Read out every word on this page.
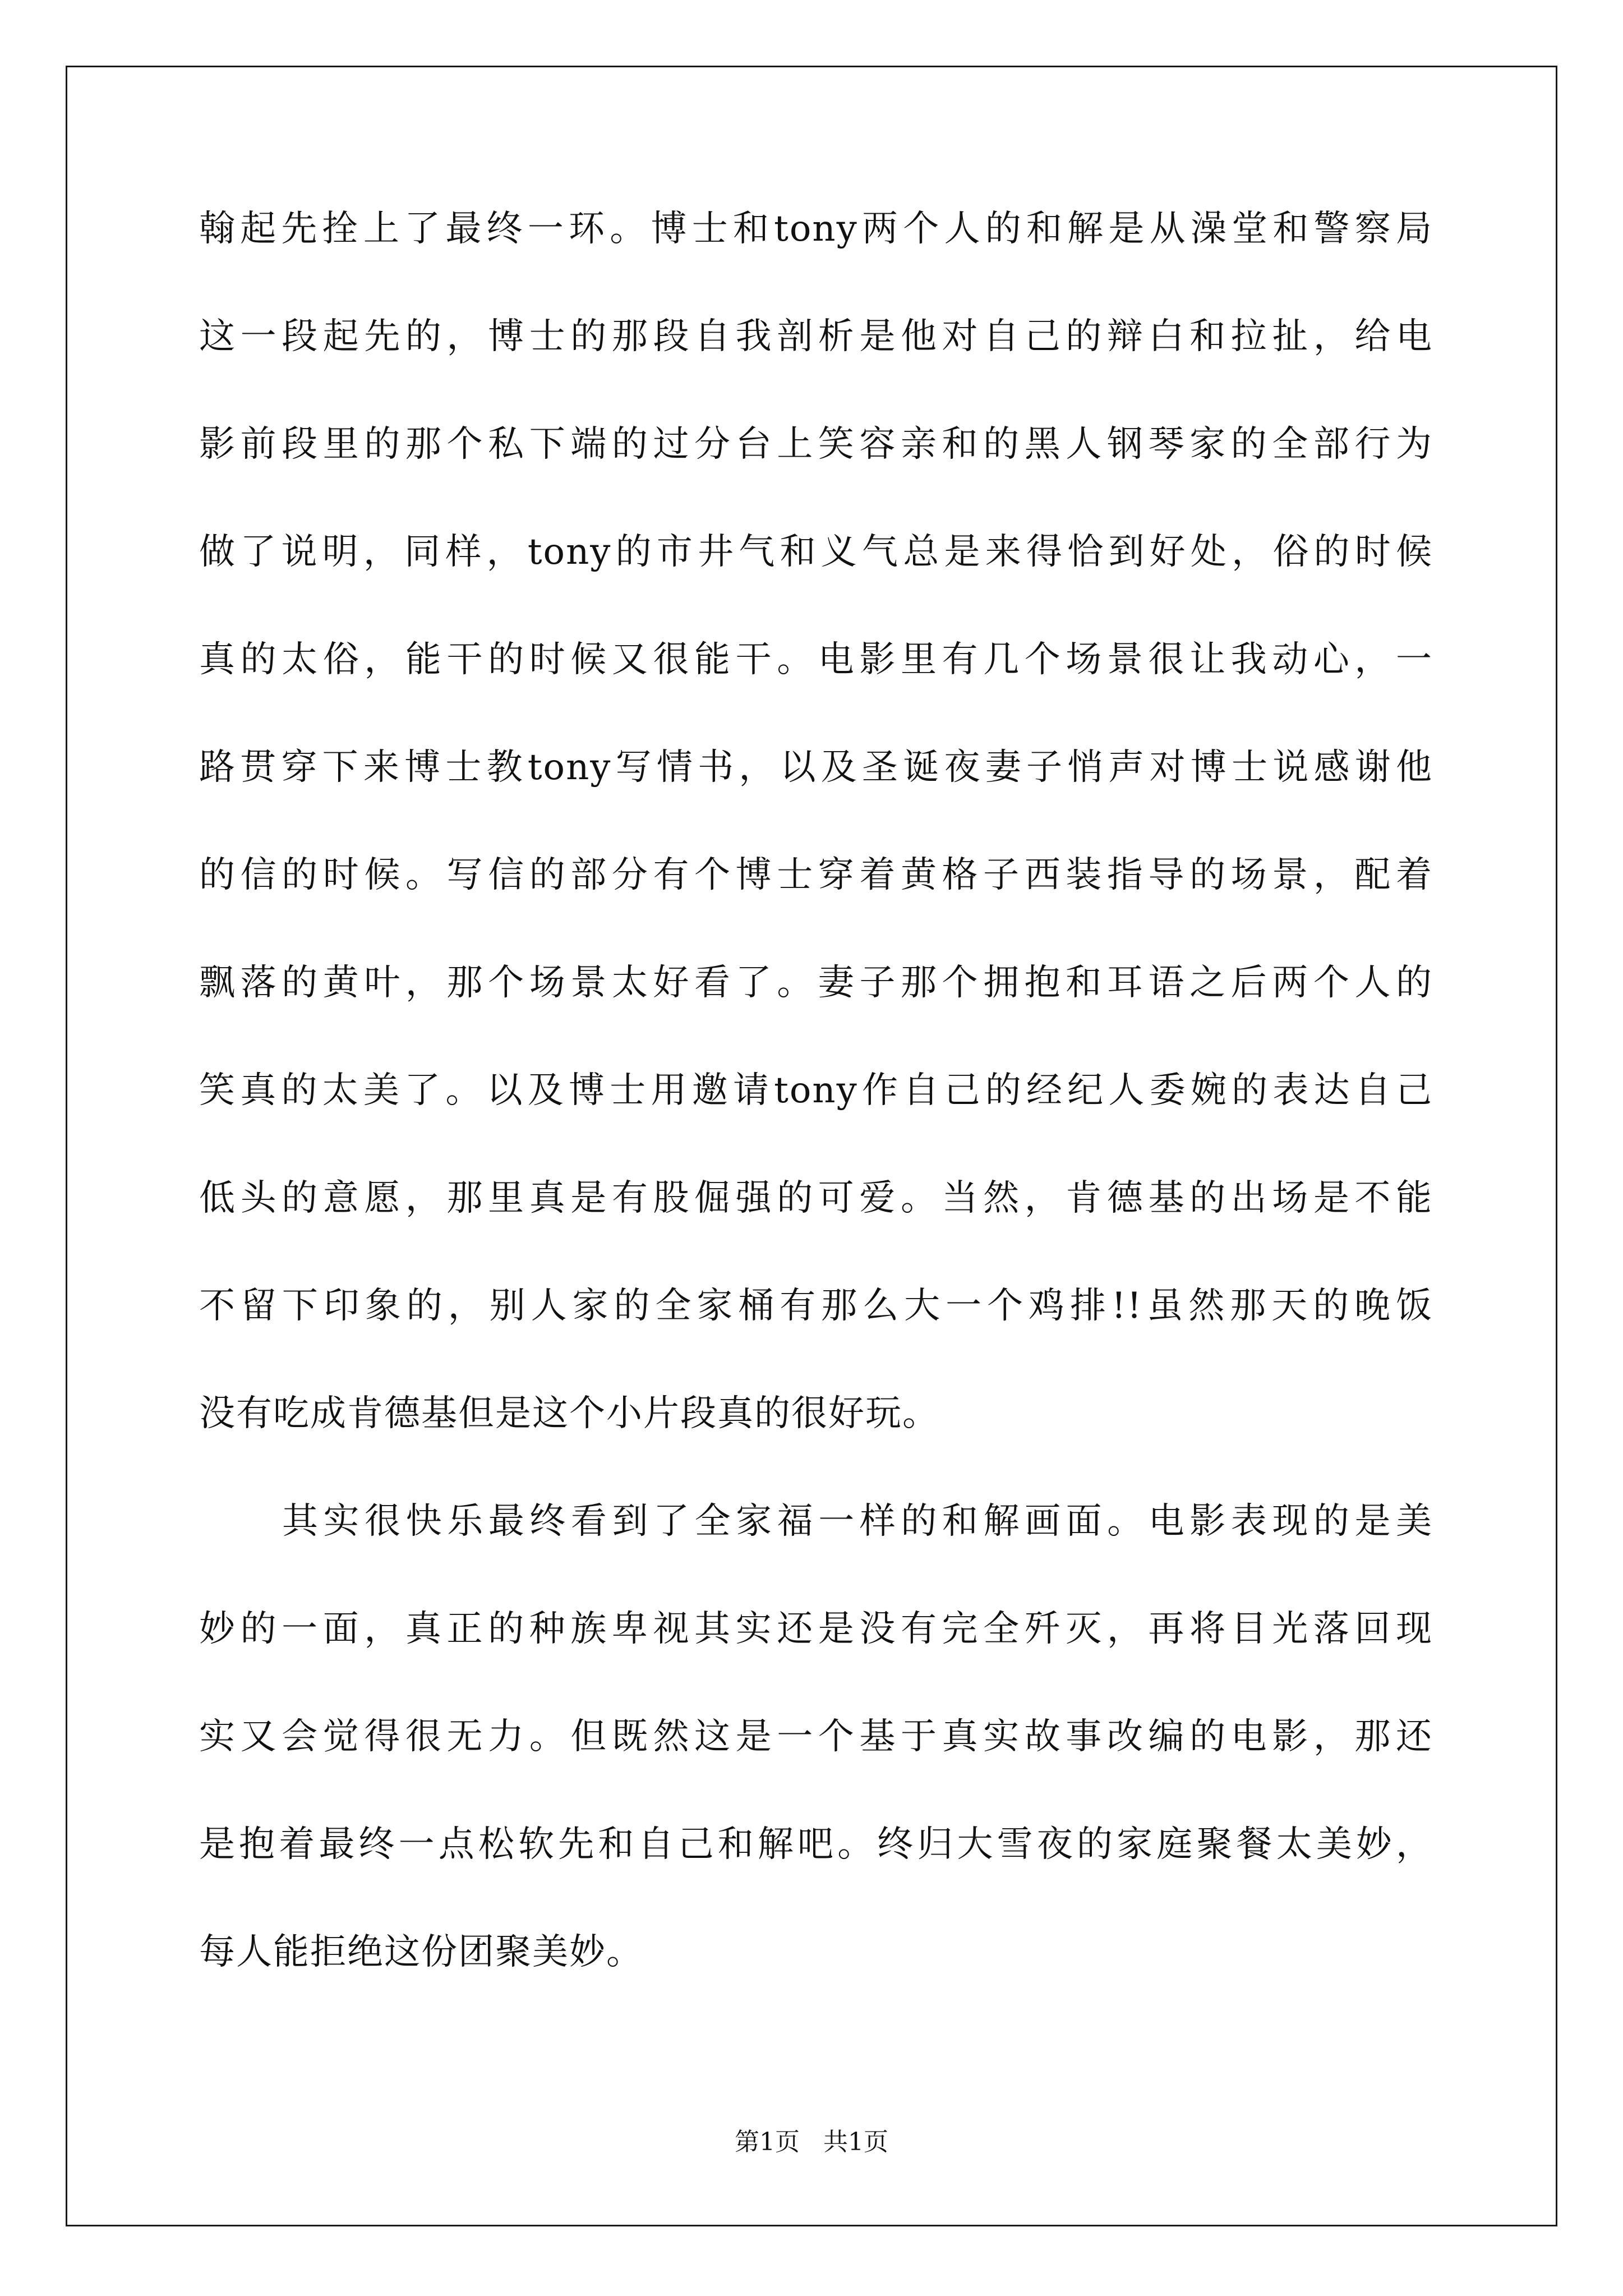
翰起先拴上了最终一环。博士和tony两个人的和解是从澡堂和警察局
这一段起先的，博士的那段自我剖析是他对自己的辩白和拉扯，给电
影前段里的那个私下端的过分台上笑容亲和的黑人钢琴家的全部行为
做了说明，同样，tony的市井气和义气总是来得恰到好处，俗的时候
真的太俗，能干的时候又很能干。电影里有几个场景很让我动心，一
路贯穿下来博士教tony写情书，以及圣诞夜妻子悄声对博士说感谢他
的信的时候。写信的部分有个博士穿着黄格子西装指导的场景，配着
飘落的黄叶，那个场景太好看了。妻子那个拥抱和耳语之后两个人的
笑真的太美了。以及博士用邀请tony作自己的经纪人委婉的表达自己
低头的意愿，那里真是有股倔强的可爱。当然，肯德基的出场是不能
不留下印象的，别人家的全家桶有那么大一个鸡排!!虽然那天的晚饭
没有吃成肯德基但是这个小片段真的很好玩。
其实很快乐最终看到了全家福一样的和解画面。电影表现的是美
妙的一面，真正的种族卑视其实还是没有完全歼灭，再将目光落回现
实又会觉得很无力。但既然这是一个基于真实故事改编的电影，那还
是抱着最终一点松软先和自己和解吧。终归大雪夜的家庭聚餐太美妙，
每人能拒绝这份团聚美妙。
第1页   共1页
